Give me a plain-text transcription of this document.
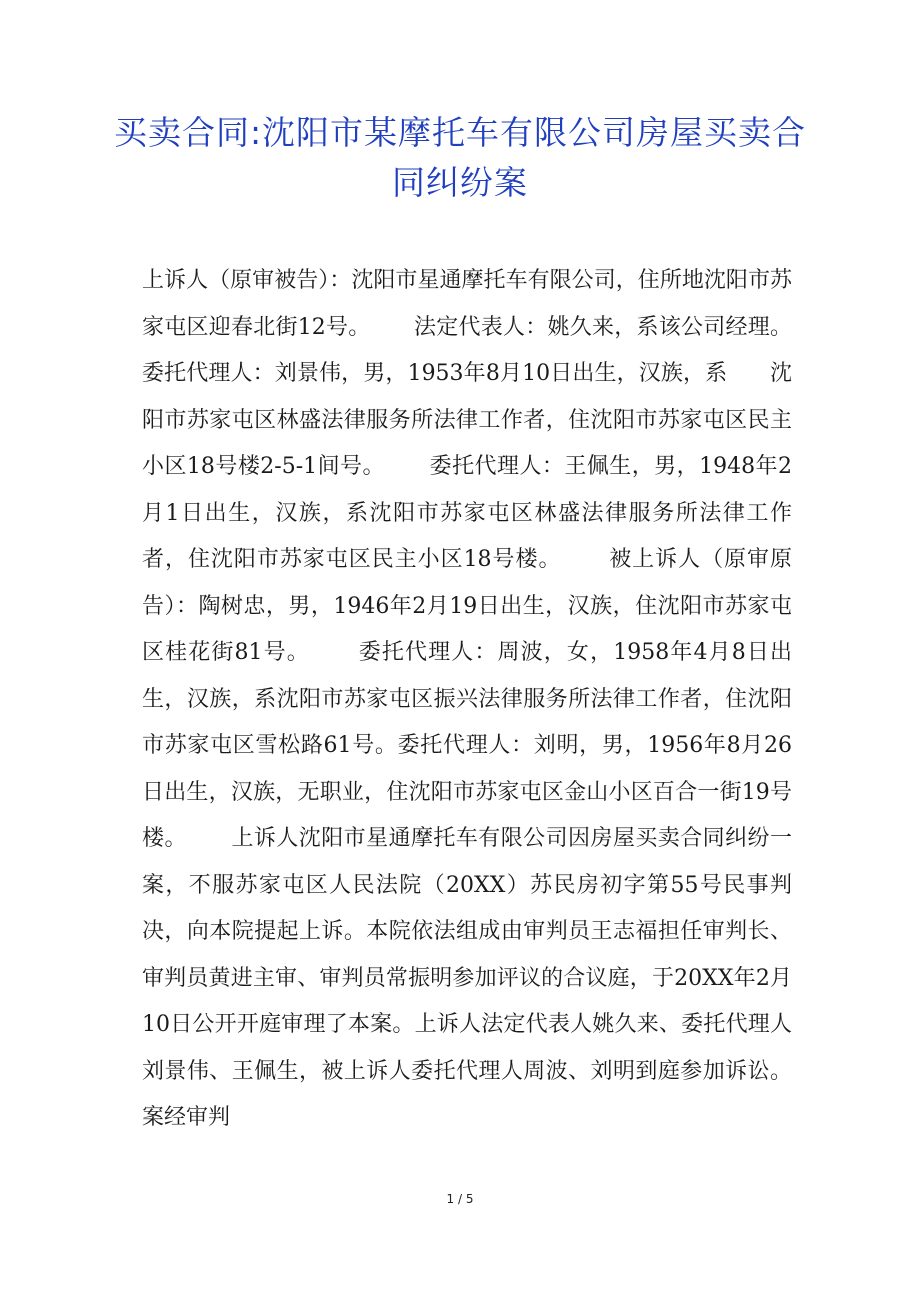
买卖合同:沈阳市某摩托车有限公司房屋买卖合同纠纷案

上诉人（原审被告）：沈阳市星通摩托车有限公司，住所地沈阳市苏家屯区迎春北街12号。      法定代表人：姚久来，系该公司经理。  委托代理人：刘景伟，男，1953年8月10日出生，汉族，系      沈阳市苏家屯区林盛法律服务所法律工作者，住沈阳市苏家屯区民主小区18号楼2-5-1间号。      委托代理人：王佩生，男，1948年2月1日出生，汉族，系沈阳市苏家屯区林盛法律服务所法律工作者，住沈阳市苏家屯区民主小区18号楼。      被上诉人（原审原告）：陶树忠，男，1946年2月19日出生，汉族，住沈阳市苏家屯区桂花街81号。      委托代理人：周波，女，1958年4月8日出生，汉族，系沈阳市苏家屯区振兴法律服务所法律工作者，住沈阳市苏家屯区雪松路61号。委托代理人：刘明，男，1956年8月26日出生，汉族，无职业，住沈阳市苏家屯区金山小区百合一街19号楼。      上诉人沈阳市星通摩托车有限公司因房屋买卖合同纠纷一案，不服苏家屯区人民法院（20XX）苏民房初字第55号民事判决，向本院提起上诉。本院依法组成由审判员王志福担任审判长、审判员黄进主审、审判员常振明参加评议的合议庭，于20XX年2月10日公开开庭审理了本案。上诉人法定代表人姚久来、委托代理人刘景伟、王佩生，被上诉人委托代理人周波、刘明到庭参加诉讼。案经审判

1 / 5
